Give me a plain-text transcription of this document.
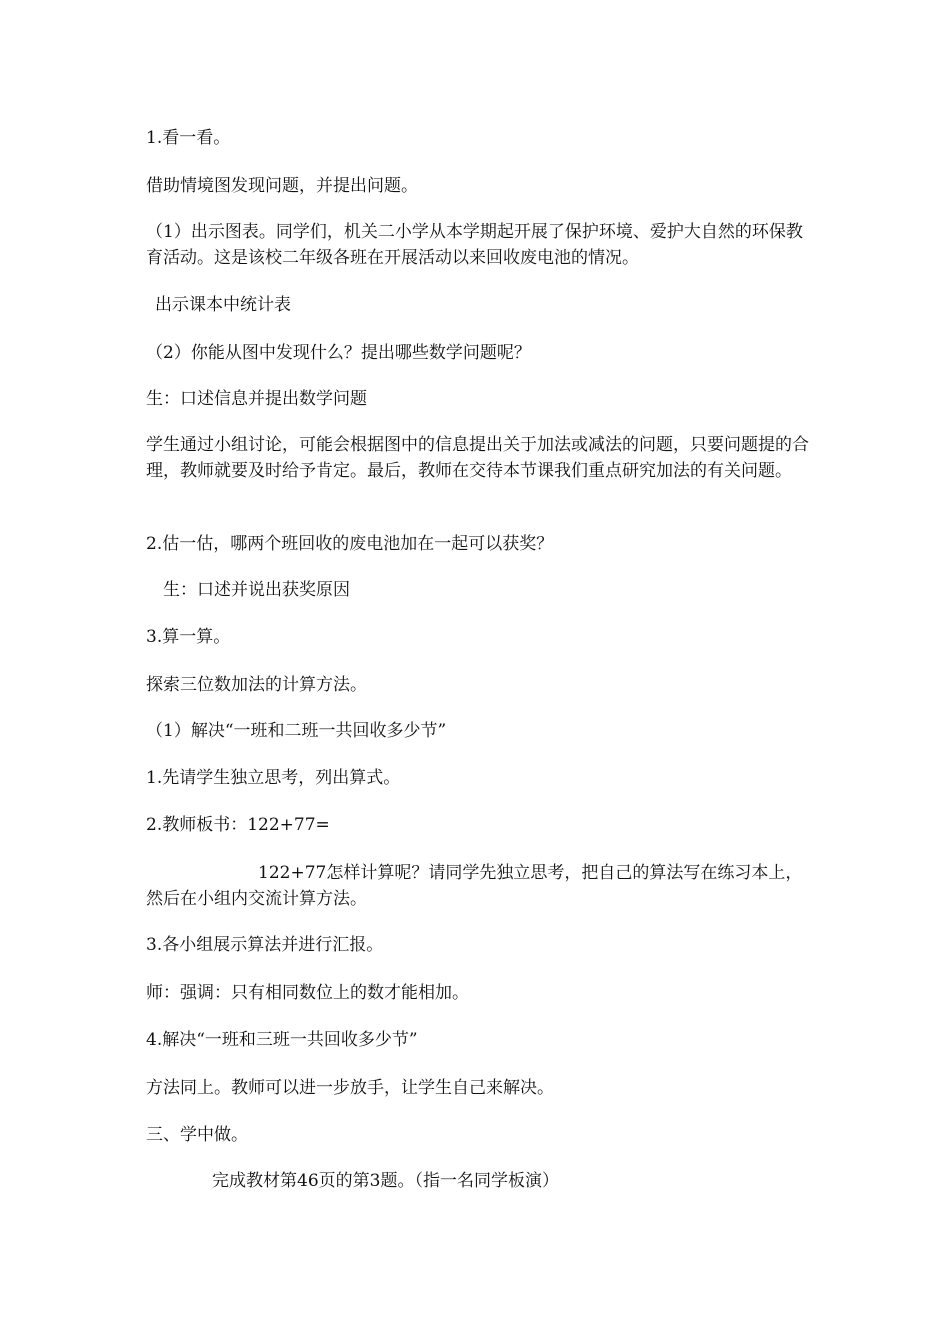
1.看一看。

借助情境图发现问题，并提出问题。

（1）出示图表。同学们，机关二小学从本学期起开展了保护环境、爱护大自然的环保教育活动。这是该校二年级各班在开展活动以来回收废电池的情况。

出示课本中统计表

（2）你能从图中发现什么？提出哪些数学问题呢？

生：口述信息并提出数学问题

学生通过小组讨论，可能会根据图中的信息提出关于加法或减法的问题，只要问题提的合理，教师就要及时给予肯定。最后，教师在交待本节课我们重点研究加法的有关问题。

2.估一估，哪两个班回收的废电池加在一起可以获奖？

生：口述并说出获奖原因

3.算一算。

探索三位数加法的计算方法。

（1）解决“一班和二班一共回收多少节”

1.先请学生独立思考，列出算式。

2.教师板书：122+77=

122+77怎样计算呢？请同学先独立思考，把自己的算法写在练习本上，然后在小组内交流计算方法。

3.各小组展示算法并进行汇报。

师：强调：只有相同数位上的数才能相加。

4.解决“一班和三班一共回收多少节”

方法同上。教师可以进一步放手，让学生自己来解决。

三、学中做。

完成教材第46页的第3题。（指一名同学板演）
